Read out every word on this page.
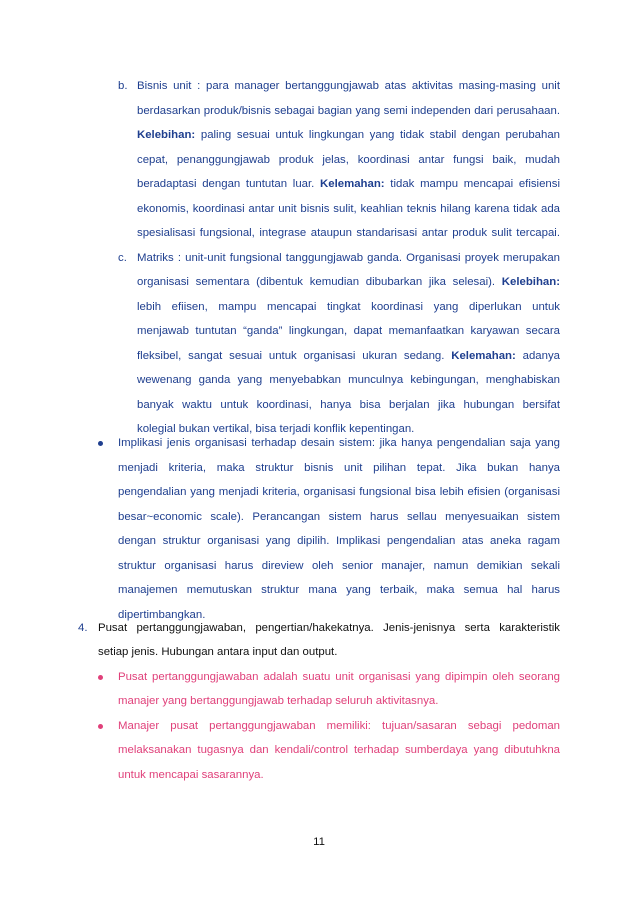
b. Bisnis unit : para manager bertanggungjawab atas aktivitas masing-masing unit

berdasarkan produk/bisnis sebagai bagian yang semi independen dari perusahaan.

Kelebihan: paling sesuai untuk lingkungan yang tidak stabil dengan perubahan

cepat, penanggungjawab produk jelas, koordinasi antar fungsi baik, mudah

beradaptasi dengan tuntutan luar. Kelemahan: tidak mampu mencapai efisiensi

ekonomis, koordinasi antar unit bisnis sulit, keahlian teknis hilang karena tidak ada

spesialisasi fungsional, integrase ataupun standarisasi antar produk sulit tercapai.

c. Matriks : unit-unit fungsional tanggungjawab ganda. Organisasi proyek merupakan

organisasi sementara (dibentuk kemudian dibubarkan jika selesai). Kelebihan:

lebih efiisen, mampu mencapai tingkat koordinasi yang diperlukan untuk

menjawab tuntutan “ganda” lingkungan, dapat memanfaatkan karyawan secara

fleksibel, sangat sesuai untuk organisasi ukuran sedang. Kelemahan: adanya

wewenang ganda yang menyebabkan munculnya kebingungan, menghabiskan

banyak waktu untuk koordinasi, hanya bisa berjalan jika hubungan bersifat

kolegial bukan vertikal, bisa terjadi konflik kepentingan.

Implikasi jenis organisasi terhadap desain sistem: jika hanya pengendalian saja yang

menjadi kriteria, maka struktur bisnis unit pilihan tepat. Jika bukan hanya

pengendalian yang menjadi kriteria, organisasi fungsional bisa lebih efisien (organisasi

besar~economic scale). Perancangan sistem harus sellau menyesuaikan sistem

dengan struktur organisasi yang dipilih. Implikasi pengendalian atas aneka ragam

struktur organisasi harus direview oleh senior manajer, namun demikian sekali

manajemen memutuskan struktur mana yang terbaik, maka semua hal harus

dipertimbangkan.

4. Pusat pertanggungjawaban, pengertian/hakekatnya. Jenis-jenisnya serta karakteristik

setiap jenis. Hubungan antara input dan output.

Pusat pertanggungjawaban adalah suatu unit organisasi yang dipimpin oleh seorang

manajer yang bertanggungjawab terhadap seluruh aktivitasnya.

Manajer pusat pertanggungjawaban memiliki: tujuan/sasaran sebagi pedoman

melaksanakan tugasnya dan kendali/control terhadap sumberdaya yang dibutuhkna

untuk mencapai sasarannya.

11
